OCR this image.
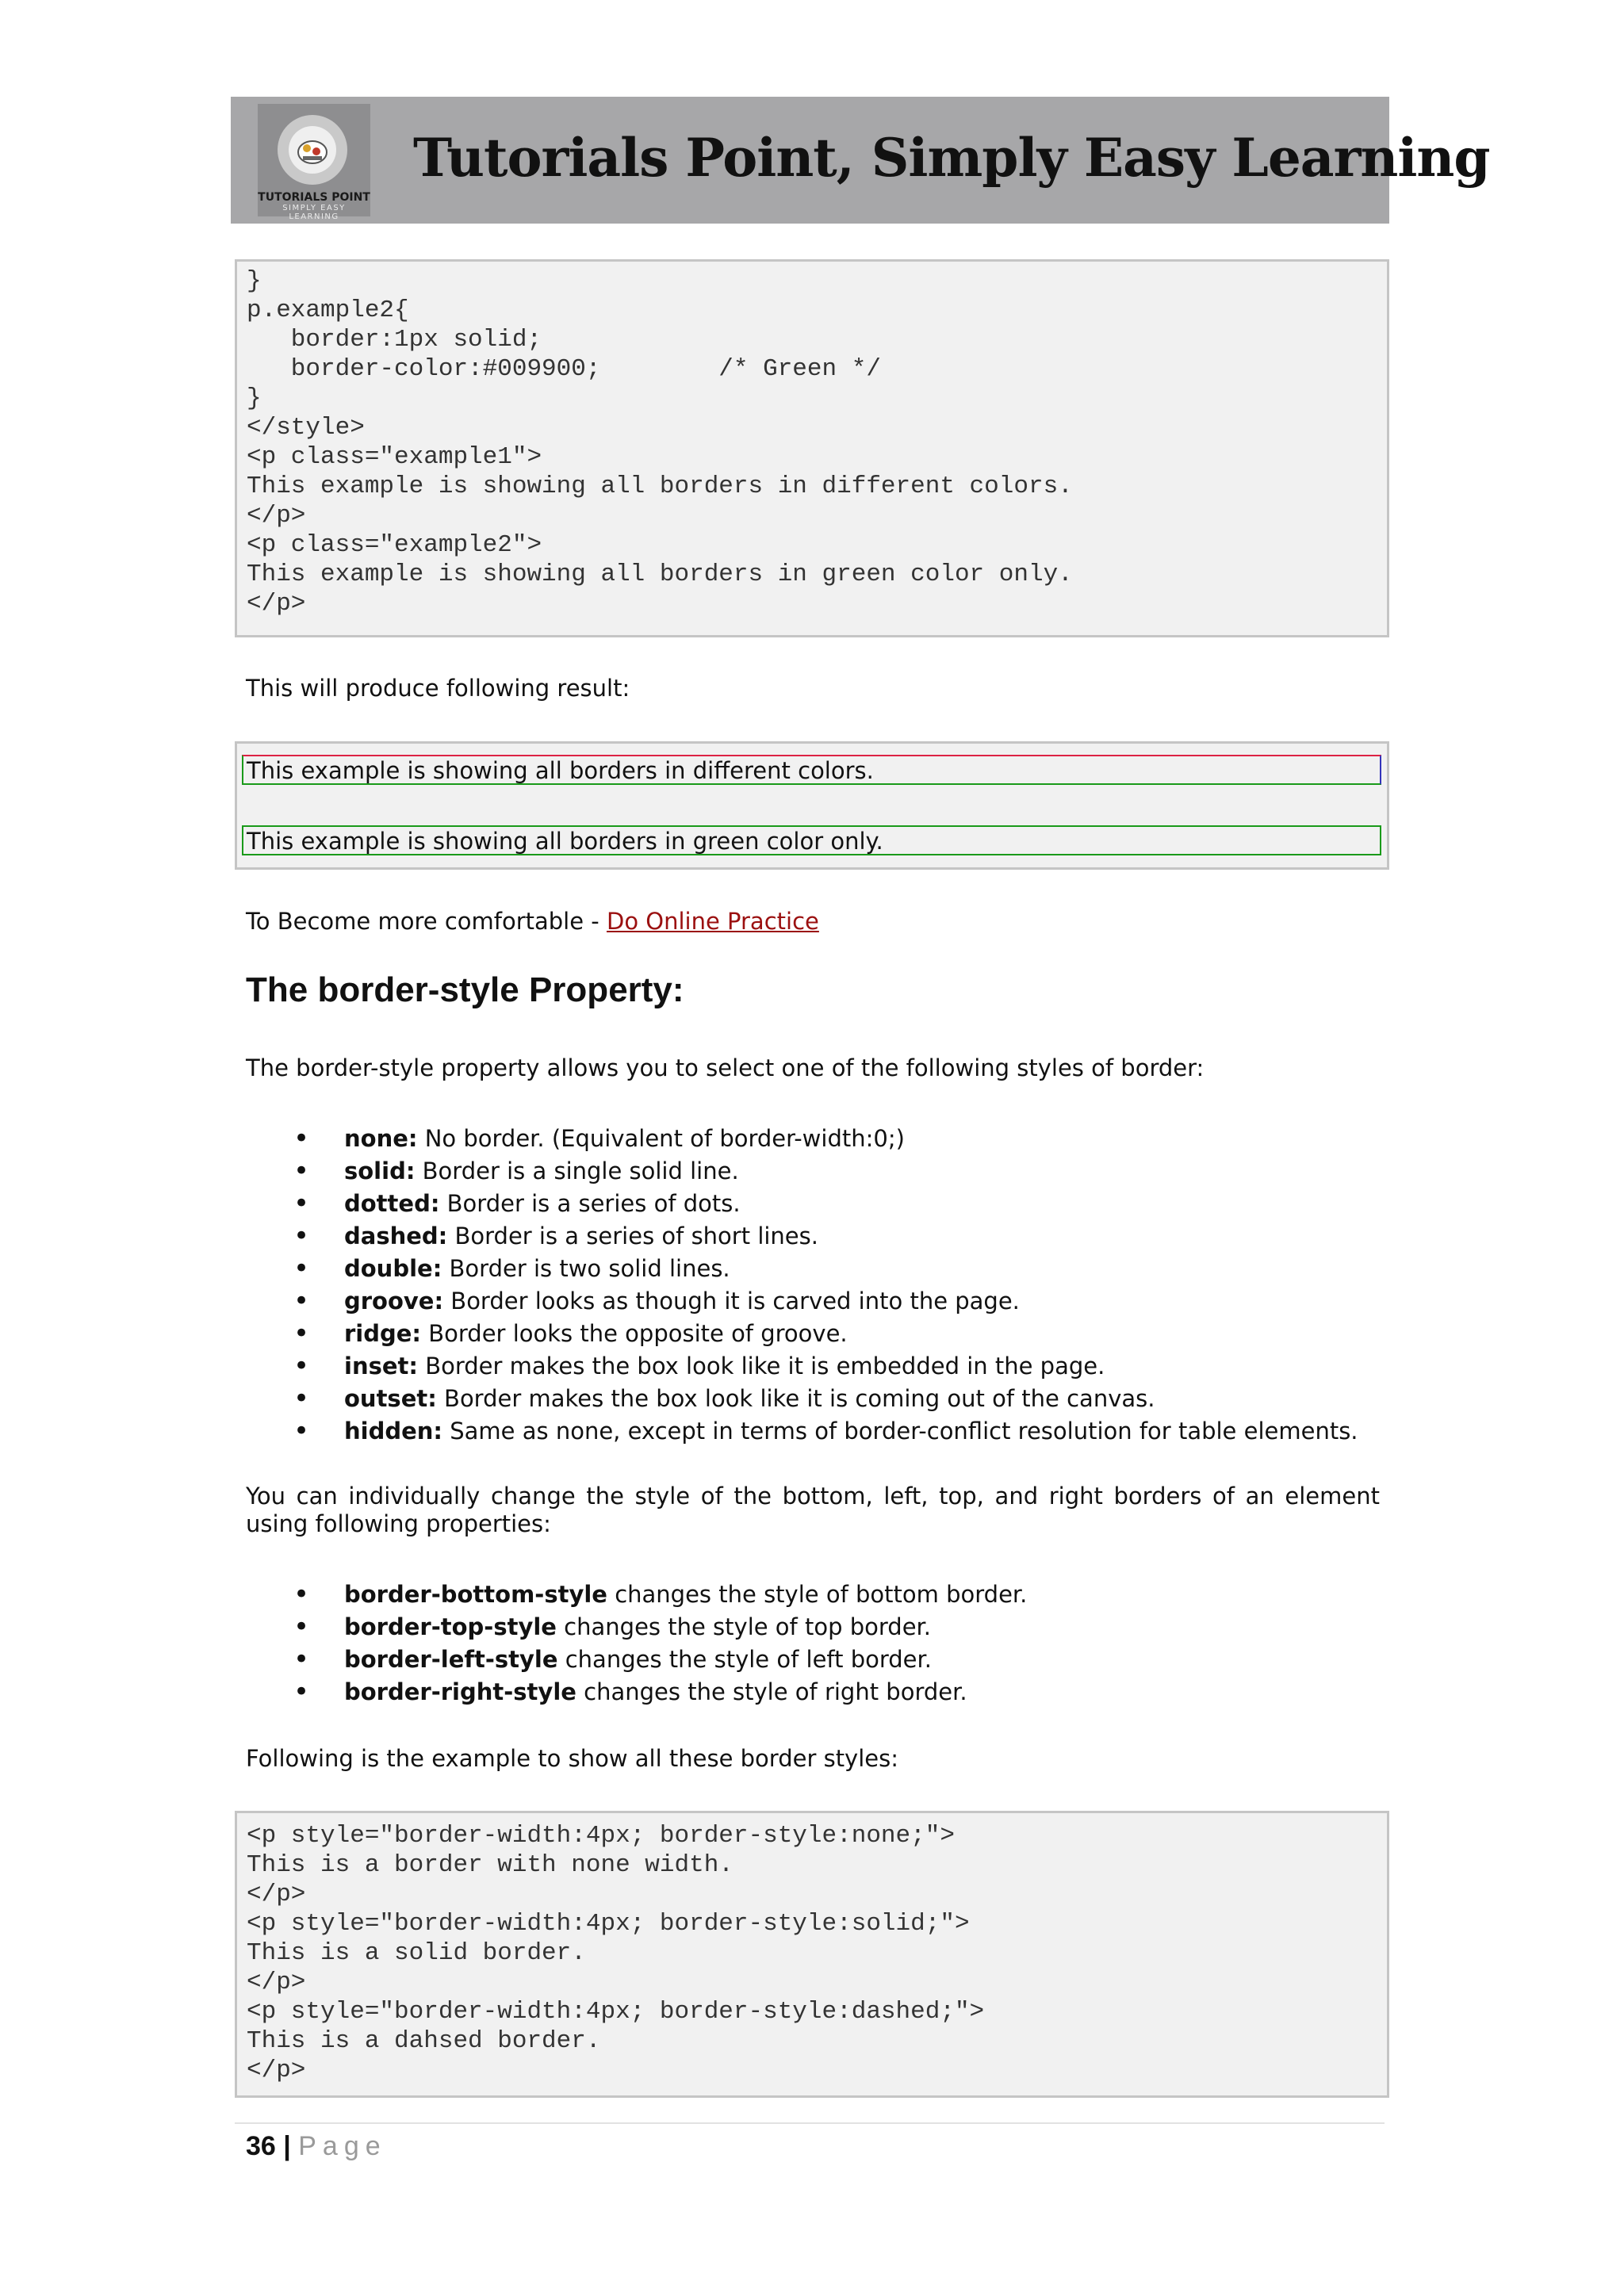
TUTORIALS POINT
SIMPLY EASY LEARNING
Tutorials Point, Simply Easy Learning
}
p.example2{
border:1px solid;
border-color:#009900;        /* Green */
}
</style>
<p class="example1">
This example is showing all borders in different colors.
</p>
<p class="example2">
This example is showing all borders in green color only.
</p>
This will produce following result:
This example is showing all borders in different colors.
This example is showing all borders in green color only.
To Become more comfortable - Do Online Practice
The border-style Property:
The border-style property allows you to select one of the following styles of border:
• none: No border. (Equivalent of border-width:0;)
• solid: Border is a single solid line.
• dotted: Border is a series of dots.
• dashed: Border is a series of short lines.
• double: Border is two solid lines.
• groove: Border looks as though it is carved into the page.
• ridge: Border looks the opposite of groove.
• inset: Border makes the box look like it is embedded in the page.
• outset: Border makes the box look like it is coming out of the canvas.
• hidden: Same as none, except in terms of border-conflict resolution for table elements.
You can individually change the style of the bottom, left, top, and right borders of an element using following properties:
• border-bottom-style changes the style of bottom border.
• border-top-style changes the style of top border.
• border-left-style changes the style of left border.
• border-right-style changes the style of right border.
Following is the example to show all these border styles:
<p style="border-width:4px; border-style:none;">
This is a border with none width.
</p>
<p style="border-width:4px; border-style:solid;">
This is a solid border.
</p>
<p style="border-width:4px; border-style:dashed;">
This is a dahsed border.
</p>
36 | Page
